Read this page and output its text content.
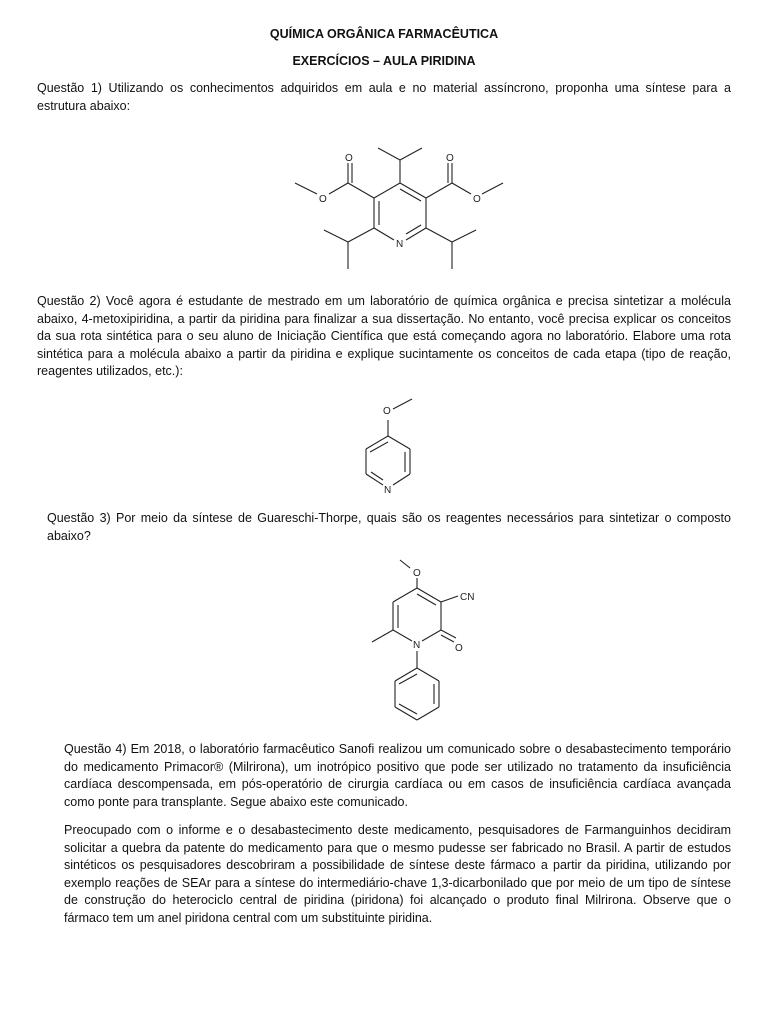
QUÍMICA ORGÂNICA FARMACÊUTICA
EXERCÍCIOS – AULA PIRIDINA
Questão 1) Utilizando os conhecimentos adquiridos em aula e no material assíncrono, proponha uma síntese para a estrutura abaixo:
N
O
O
O
O
Questão 2) Você agora é estudante de mestrado em um laboratório de química orgânica e precisa sintetizar a molécula abaixo, 4-metoxipiridina, a partir da piridina para finalizar a sua dissertação. No entanto, você precisa explicar os conceitos da sua rota sintética para o seu aluno de Iniciação Científica que está começando agora no laboratório. Elabore uma rota sintética para a molécula abaixo a partir da piridina e explique sucintamente os conceitos de cada etapa (tipo de reação, reagentes utilizados, etc.):
O
N
Questão 3) Por meio da síntese de Guareschi-Thorpe, quais são os reagentes necessários para sintetizar o composto abaixo?
O
N
CN
O
Questão 4) Em 2018, o laboratório farmacêutico Sanofi realizou um comunicado sobre o desabastecimento temporário do medicamento Primacor® (Milrirona), um inotrópico positivo que pode ser utilizado no tratamento da insuficiência cardíaca descompensada, em pós-operatório de cirurgia cardíaca ou em casos de insuficiência cardíaca avançada como ponte para transplante. Segue abaixo este comunicado.
Preocupado com o informe e o desabastecimento deste medicamento, pesquisadores de Farmanguinhos decidiram solicitar a quebra da patente do medicamento para que o mesmo pudesse ser fabricado no Brasil. A partir de estudos sintéticos os pesquisadores descobriram a possibilidade de síntese deste fármaco a partir da piridina, utilizando por exemplo reações de SEAr para a síntese do intermediário-chave 1,3-dicarbonilado que por meio de um tipo de síntese de construção do heterociclo central de piridina (piridona) foi alcançado o produto final Milrirona. Observe que o fármaco tem um anel piridona central com um substituinte piridina.
